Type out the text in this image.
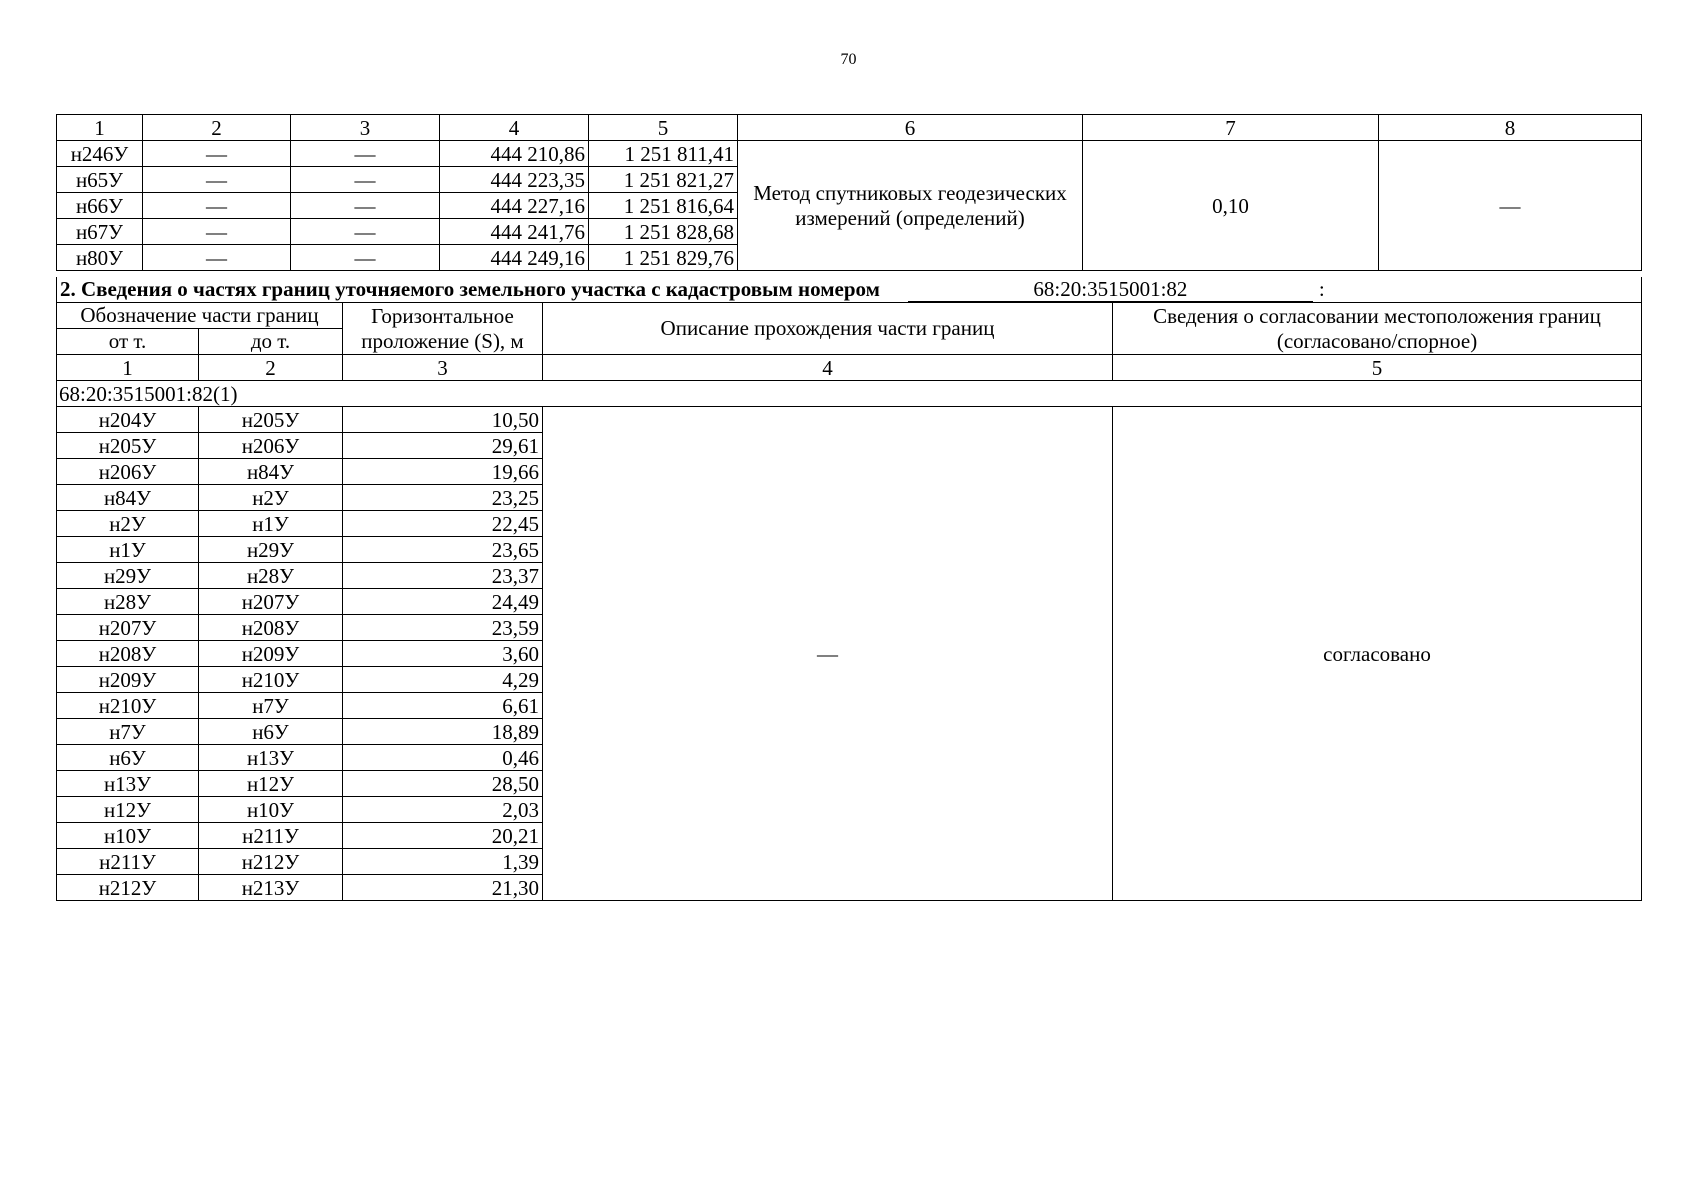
70
1	2	3	4	5	6	7	8
н246У	—	—	444 210,86	1 251 811,41	Метод спутниковых геодезических измерений (определений)	0,10	—
н65У	—	—	444 223,35	1 251 821,27			
н66У	—	—	444 227,16	1 251 816,64			
н67У	—	—	444 241,76	1 251 828,68			
н80У	—	—	444 249,16	1 251 829,76			
2. Сведения о частях границ уточняемого земельного участка с кадастровым номером 68:20:3515001:82 :				
Обозначение части границ		Горизонтальное проложение (S), м	Описание прохождения части границ	Сведения о согласовании местоположения границ (согласовано/спорное)
от т.	до т.			
1	2	3	4	5
68:20:3515001:82(1)				
н204У	н205У	10,50	—	согласовано
н205У	н206У	29,61		
н206У	н84У	19,66		
н84У	н2У	23,25		
н2У	н1У	22,45		
н1У	н29У	23,65		
н29У	н28У	23,37		
н28У	н207У	24,49		
н207У	н208У	23,59		
н208У	н209У	3,60		
н209У	н210У	4,29		
н210У	н7У	6,61		
н7У	н6У	18,89		
н6У	н13У	0,46		
н13У	н12У	28,50		
н12У	н10У	2,03		
н10У	н211У	20,21		
н211У	н212У	1,39		
н212У	н213У	21,30		
